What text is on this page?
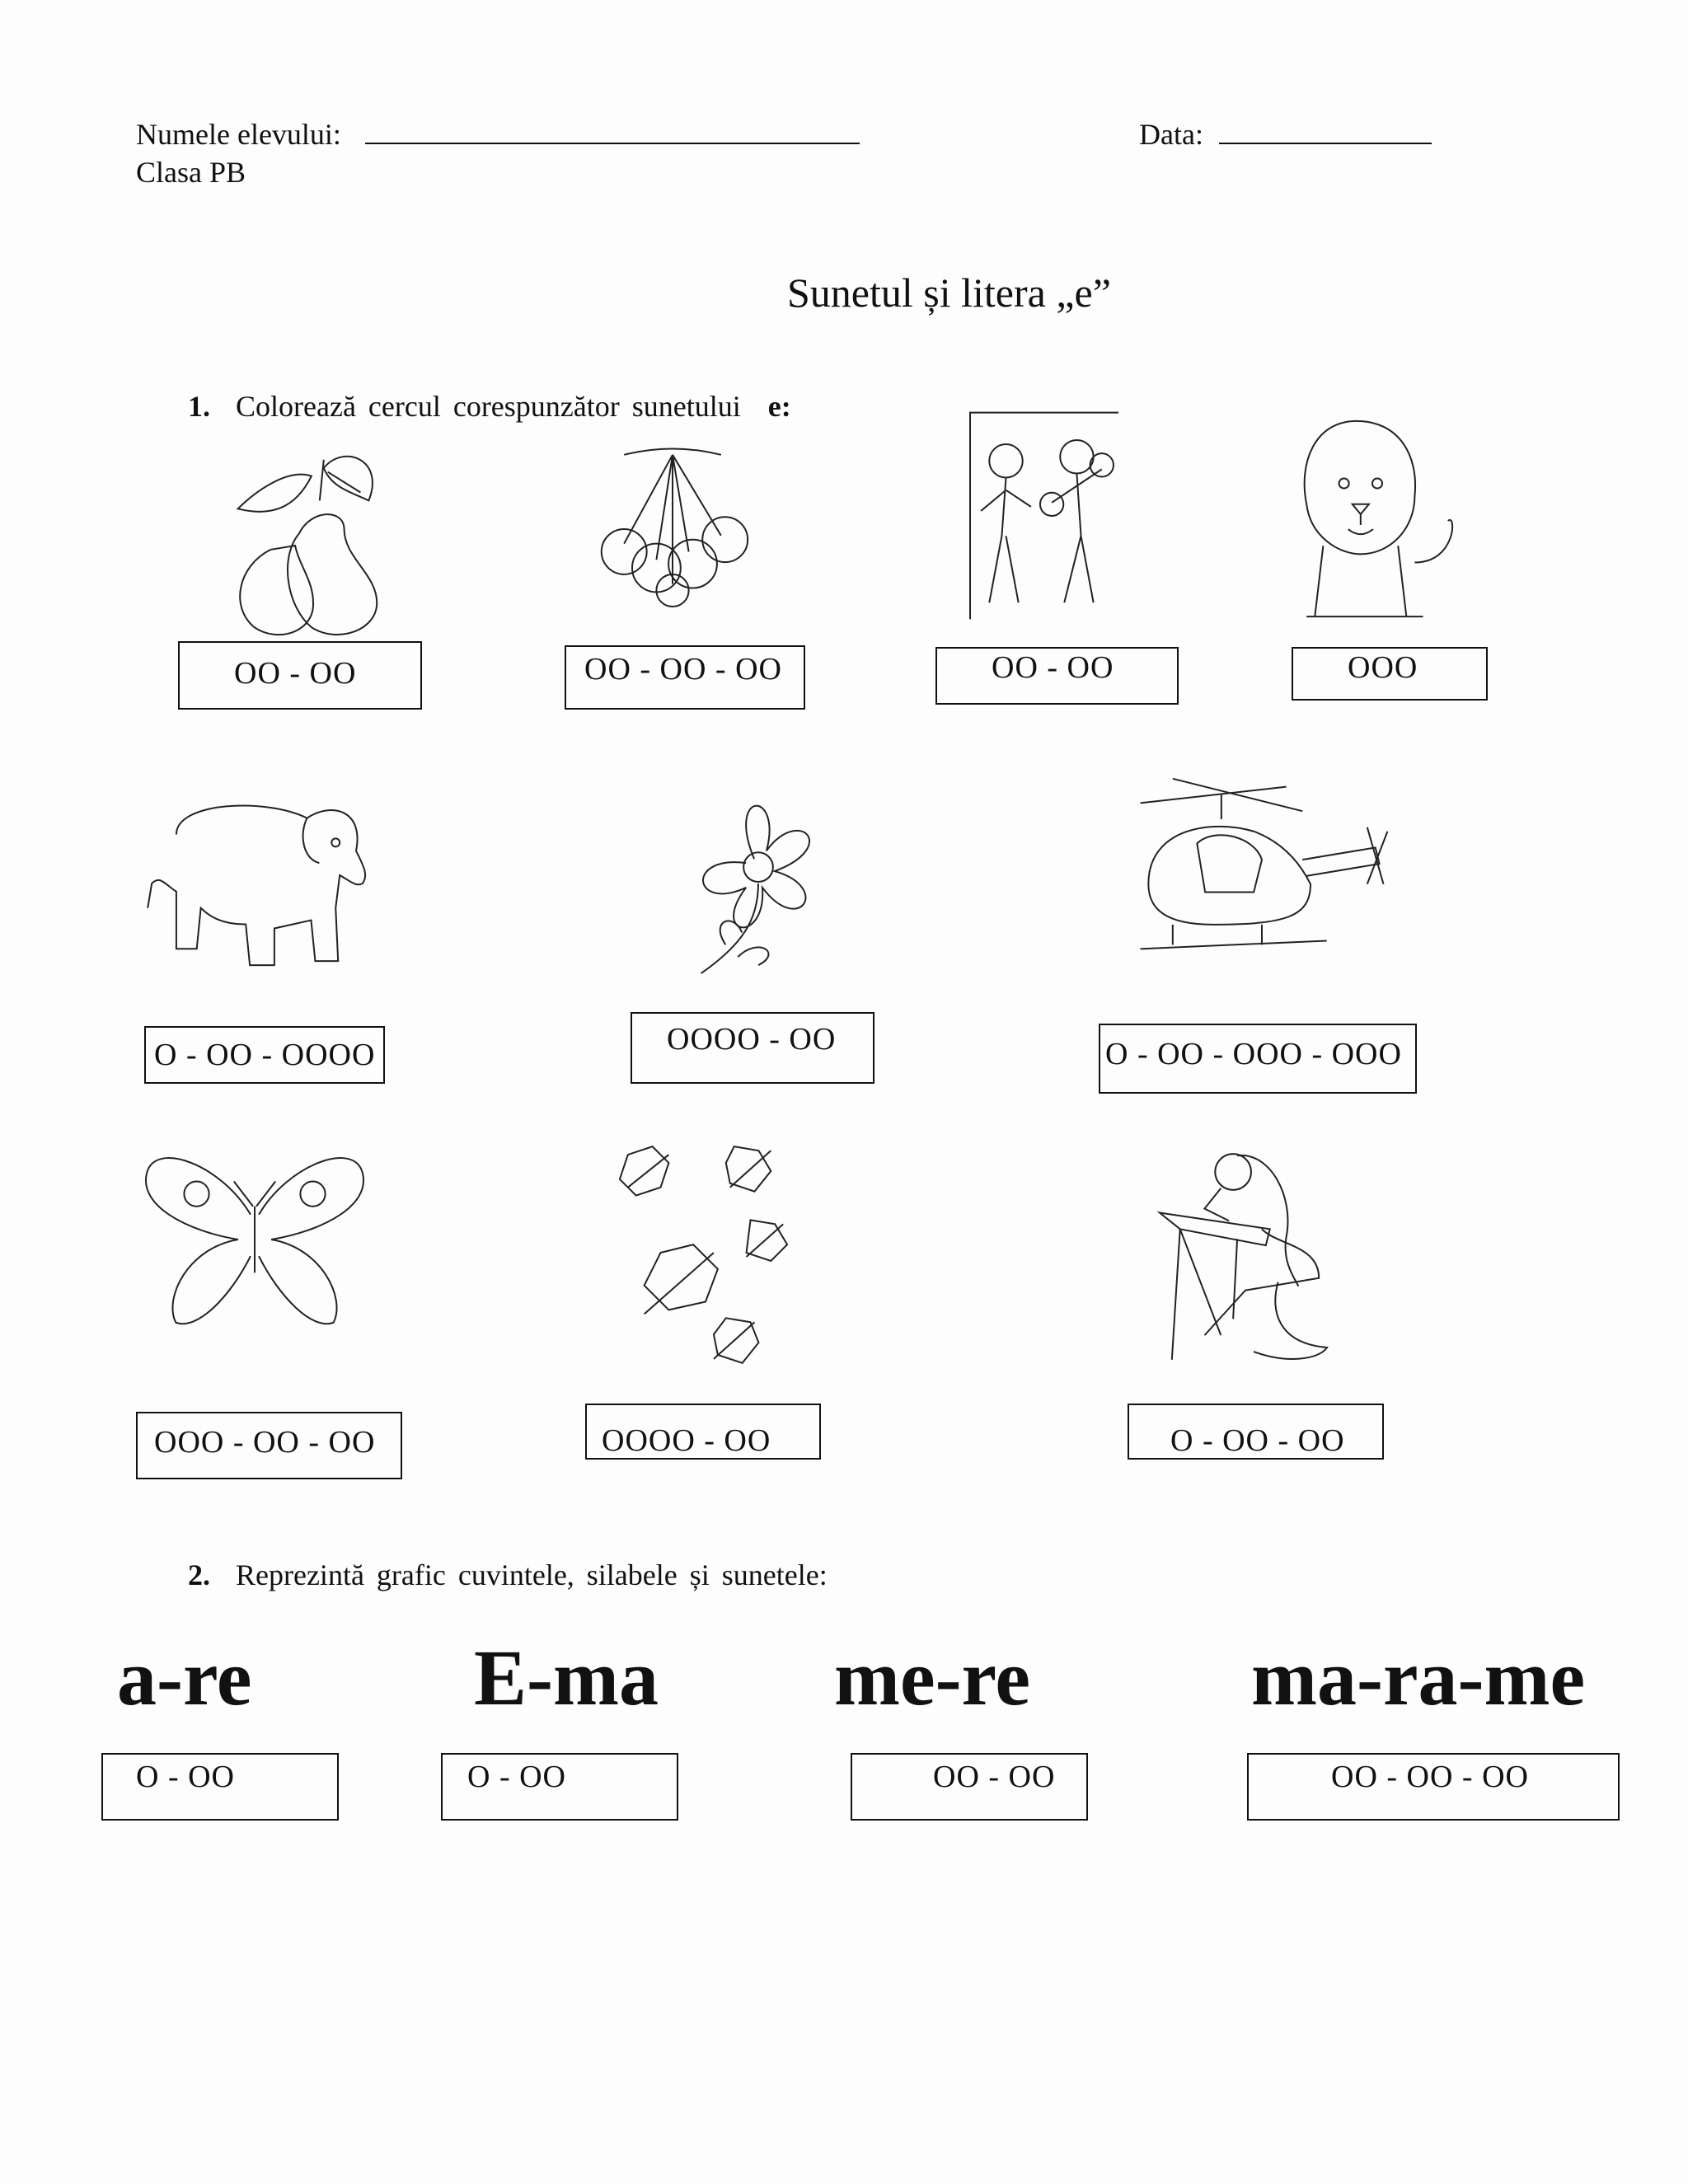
Numele elevului:
Clasa PB
Data:
Sunetul și litera „e”
1. Colorează cercul corespunzător sunetului e:
OO - OO	OO - OO - OO	OO - OO	OOO
O - OO - OOOO	OOOO - OO	O - OO - OOO - OOO
OOO - OO - OO	OOOO - OO	O - OO - OO
2. Reprezintă grafic cuvintele, silabele și sunetele:
a-re	E-ma me-re	ma-ra-me
O - OO	O - OO	OO - OO	OO - OO - OO
